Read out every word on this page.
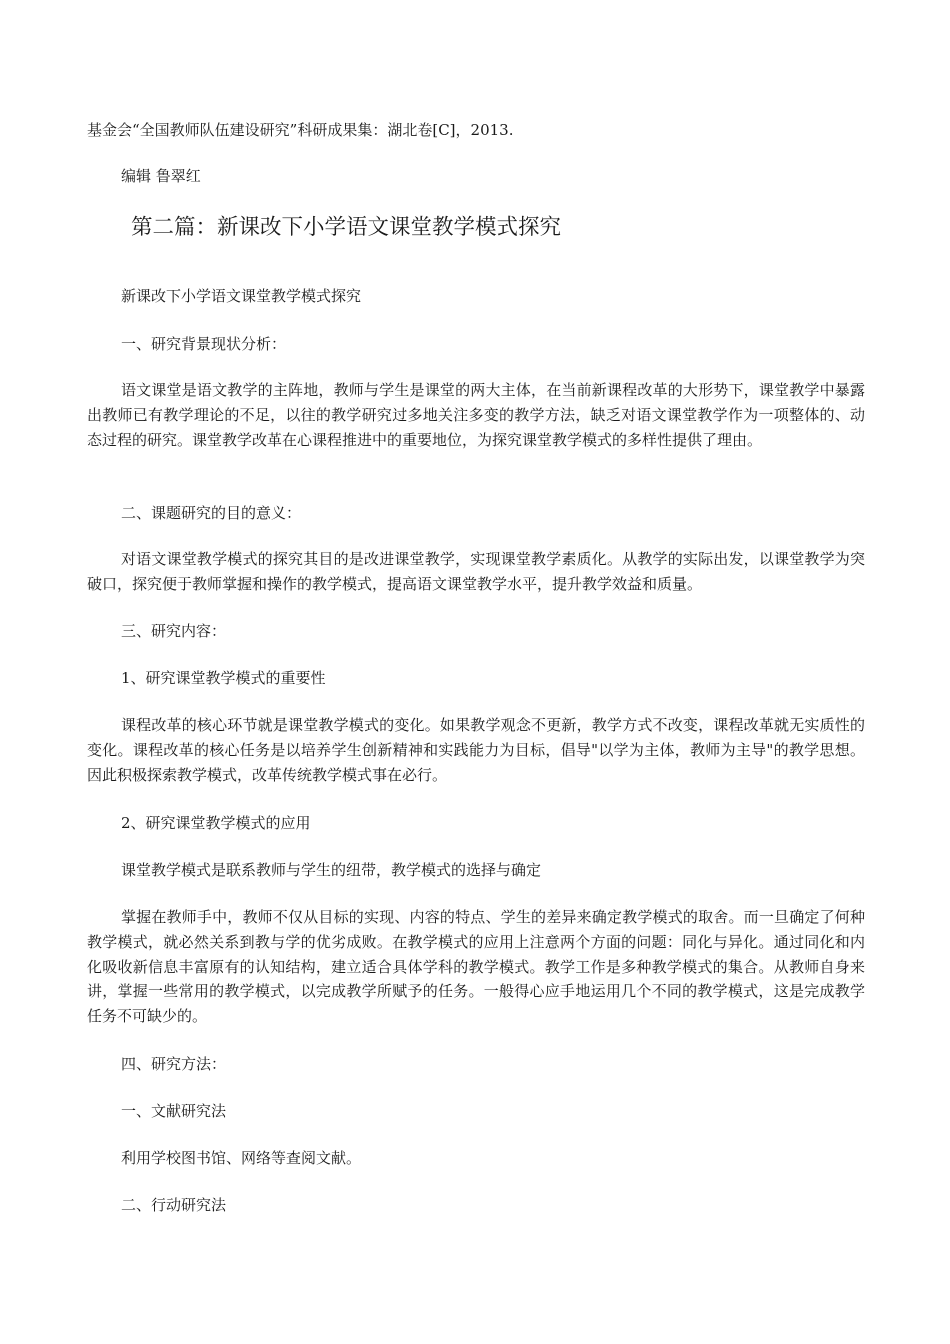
基金会“全国教师队伍建设研究”科研成果集：湖北卷[C]，2013.

编辑 鲁翠红

第二篇：新课改下小学语文课堂教学模式探究

新课改下小学语文课堂教学模式探究

一、研究背景现状分析：

语文课堂是语文教学的主阵地，教师与学生是课堂的两大主体，在当前新课程改革的大形势下，课堂教学中暴露出教师已有教学理论的不足，以往的教学研究过多地关注多变的教学方法，缺乏对语文课堂教学作为一项整体的、动态过程的研究。课堂教学改革在心课程推进中的重要地位，为探究课堂教学模式的多样性提供了理由。

二、课题研究的目的意义：

对语文课堂教学模式的探究其目的是改进课堂教学，实现课堂教学素质化。从教学的实际出发，以课堂教学为突破口，探究便于教师掌握和操作的教学模式，提高语文课堂教学水平，提升教学效益和质量。

三、研究内容：

1、研究课堂教学模式的重要性

课程改革的核心环节就是课堂教学模式的变化。如果教学观念不更新，教学方式不改变，课程改革就无实质性的变化。课程改革的核心任务是以培养学生创新精神和实践能力为目标，倡导"以学为主体，教师为主导"的教学思想。因此积极探索教学模式，改革传统教学模式事在必行。

2、研究课堂教学模式的应用

课堂教学模式是联系教师与学生的纽带，教学模式的选择与确定

掌握在教师手中，教师不仅从目标的实现、内容的特点、学生的差异来确定教学模式的取舍。而一旦确定了何种教学模式，就必然关系到教与学的优劣成败。在教学模式的应用上注意两个方面的问题：同化与异化。通过同化和内化吸收新信息丰富原有的认知结构，建立适合具体学科的教学模式。教学工作是多种教学模式的集合。从教师自身来讲，掌握一些常用的教学模式，以完成教学所赋予的任务。一般得心应手地运用几个不同的教学模式，这是完成教学任务不可缺少的。

四、研究方法：

一、文献研究法

利用学校图书馆、网络等查阅文献。

二、行动研究法
